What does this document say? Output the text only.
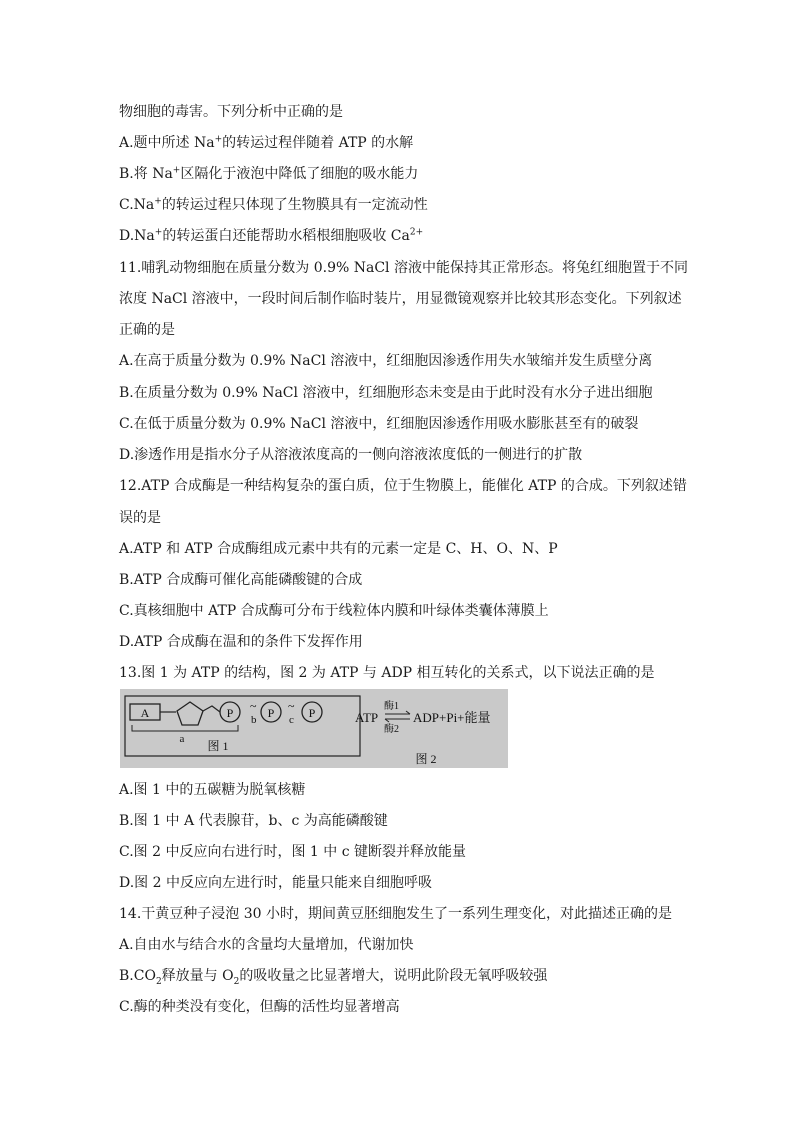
物细胞的毒害。下列分析中正确的是
A.题中所述 Na+的转运过程伴随着 ATP 的水解
B.将 Na+区隔化于液泡中降低了细胞的吸水能力
C.Na+的转运过程只体现了生物膜具有一定流动性
D.Na+的转运蛋白还能帮助水稻根细胞吸收 $Ca^{2+}$
11.哺乳动物细胞在质量分数为 0.9% NaCl 溶液中能保持其正常形态。将兔红细胞置于不同
浓度 NaCl 溶液中，一段时间后制作临时装片，用显微镜观察并比较其形态变化。下列叙述
正确的是
A.在高于质量分数为 0.9% NaCl 溶液中，红细胞因渗透作用失水皱缩并发生质壁分离
B.在质量分数为 0.9% NaCl 溶液中，红细胞形态未变是由于此时没有水分子进出细胞
C.在低于质量分数为 0.9% NaCl 溶液中，红细胞因渗透作用吸水膨胀甚至有的破裂
D.渗透作用是指水分子从溶液浓度高的一侧向溶液浓度低的一侧进行的扩散
12.ATP 合成酶是一种结构复杂的蛋白质，位于生物膜上，能催化 ATP 的合成。下列叙述错
误的是
A.ATP 和 ATP 合成酶组成元素中共有的元素一定是 C、H、O、N、P
B.ATP 合成酶可催化高能磷酸键的合成
C.真核细胞中 ATP 合成酶可分布于线粒体内膜和叶绿体类囊体薄膜上
D.ATP 合成酶在温和的条件下发挥作用
13.图 1 为 ATP 的结构，图 2 为 ATP 与 ADP 相互转化的关系式，以下说法正确的是
A	P
a
~
b P ~
c P
图 1
ATP
酶1
酶2
ADP+Pi+能量
图 2
A.图 1 中的五碳糖为脱氧核糖
B.图 1 中 A 代表腺苷，b、c 为高能磷酸键
C.图 2 中反应向右进行时，图 1 中 c 键断裂并释放能量
D.图 2 中反应向左进行时，能量只能来自细胞呼吸
14.干黄豆种子浸泡 30 小时，期间黄豆胚细胞发生了一系列生理变化，对此描述正确的是
A.自由水与结合水的含量均大量增加，代谢加快
$B.CO_2$释放量与 $O_2$的吸收量之比显著增大，说明此阶段无氧呼吸较强
C.酶的种类没有变化，但酶的活性均显著增高
